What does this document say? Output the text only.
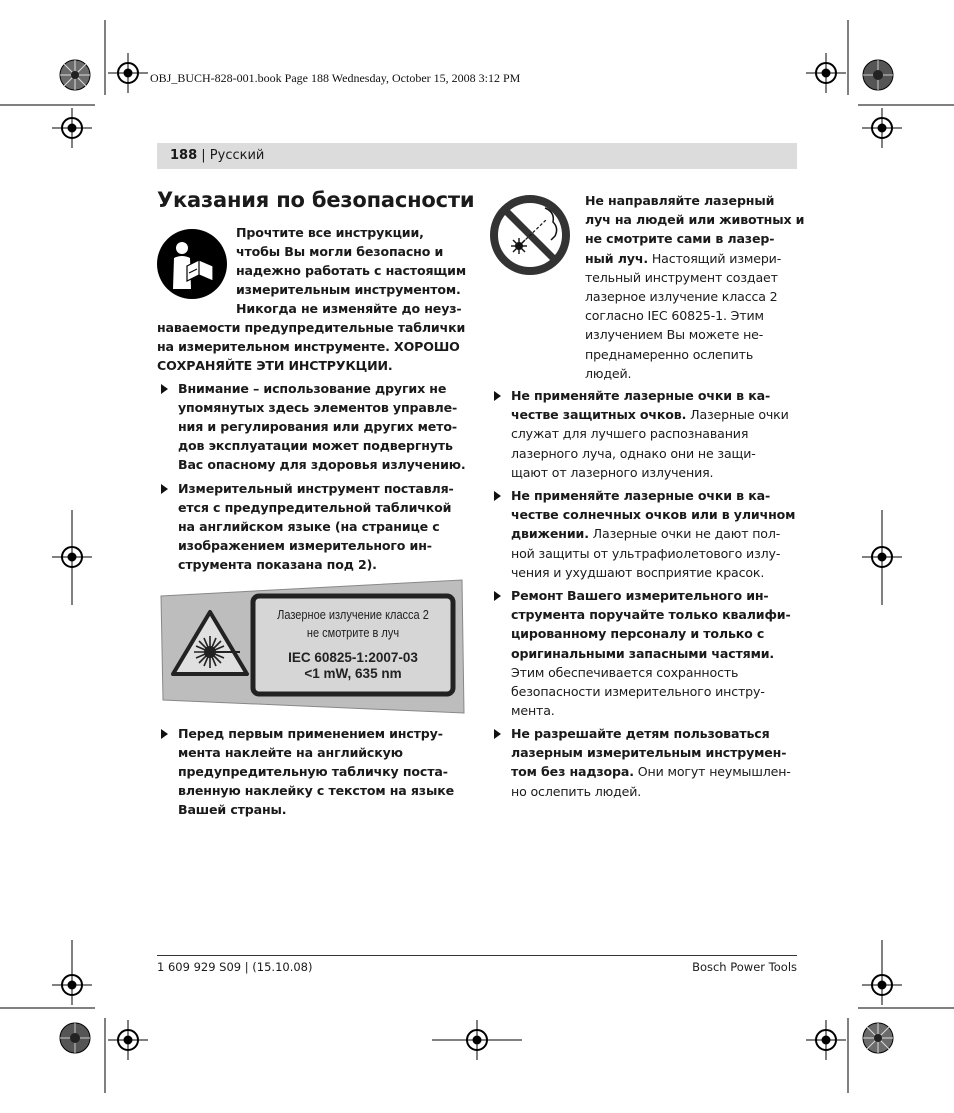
OBJ_BUCH-828-001.book Page 188 Wednesday, October 15, 2008 3:12 PM
188 | Русский
Указания по безопасности
Прочтите все инструкции,
чтобы Вы могли безопасно и
надежно работать с настоящим
измерительным инструментом.
Никогда не изменяйте до неуз-
наваемости предупредительные таблички
на измерительном инструменте. ХОРОШО
СОХРАНЯЙТЕ ЭТИ ИНСТРУКЦИИ.
Внимание – использование других не
упомянутых здесь элементов управле-
ния и регулирования или других мето-
дов эксплуатации может подвергнуть
Вас опасному для здоровья излучению.
Измерительный инструмент поставля-
ется с предупредительной табличкой
на английском языке (на странице с
изображением измерительного ин-
струмента показана под 2).
Лазерное излучение класса 2
не смотрите в луч
IEC 60825-1:2007-03
<1 mW, 635 nm
Перед первым применением инстру-
мента наклейте на английскую
предупредительную табличку поста-
вленную наклейку с текстом на языке
Вашей страны.
Не направляйте лазерный
луч на людей или животных и
не смотрите сами в лазер-
ный луч. Настоящий измери-
тельный инструмент создает
лазерное излучение класса 2
согласно IEC 60825-1. Этим
излучением Вы можете не-
преднамеренно ослепить
людей.
Не применяйте лазерные очки в ка-
честве защитных очков. Лазерные очки
служат для лучшего распознавания
лазерного луча, однако они не защи-
щают от лазерного излучения.
Не применяйте лазерные очки в ка-
честве солнечных очков или в уличном
движении. Лазерные очки не дают пол-
ной защиты от ультрафиолетового излу-
чения и ухудшают восприятие красок.
Ремонт Вашего измерительного ин-
струмента поручайте только квалифи-
цированному персоналу и только с
оригинальными запасными частями.
Этим обеспечивается сохранность
безопасности измерительного инстру-
мента.
Не разрешайте детям пользоваться
лазерным измерительным инструмен-
том без надзора. Они могут неумышлен-
но ослепить людей.
1 609 929 S09 | (15.10.08)	Bosch Power Tools
